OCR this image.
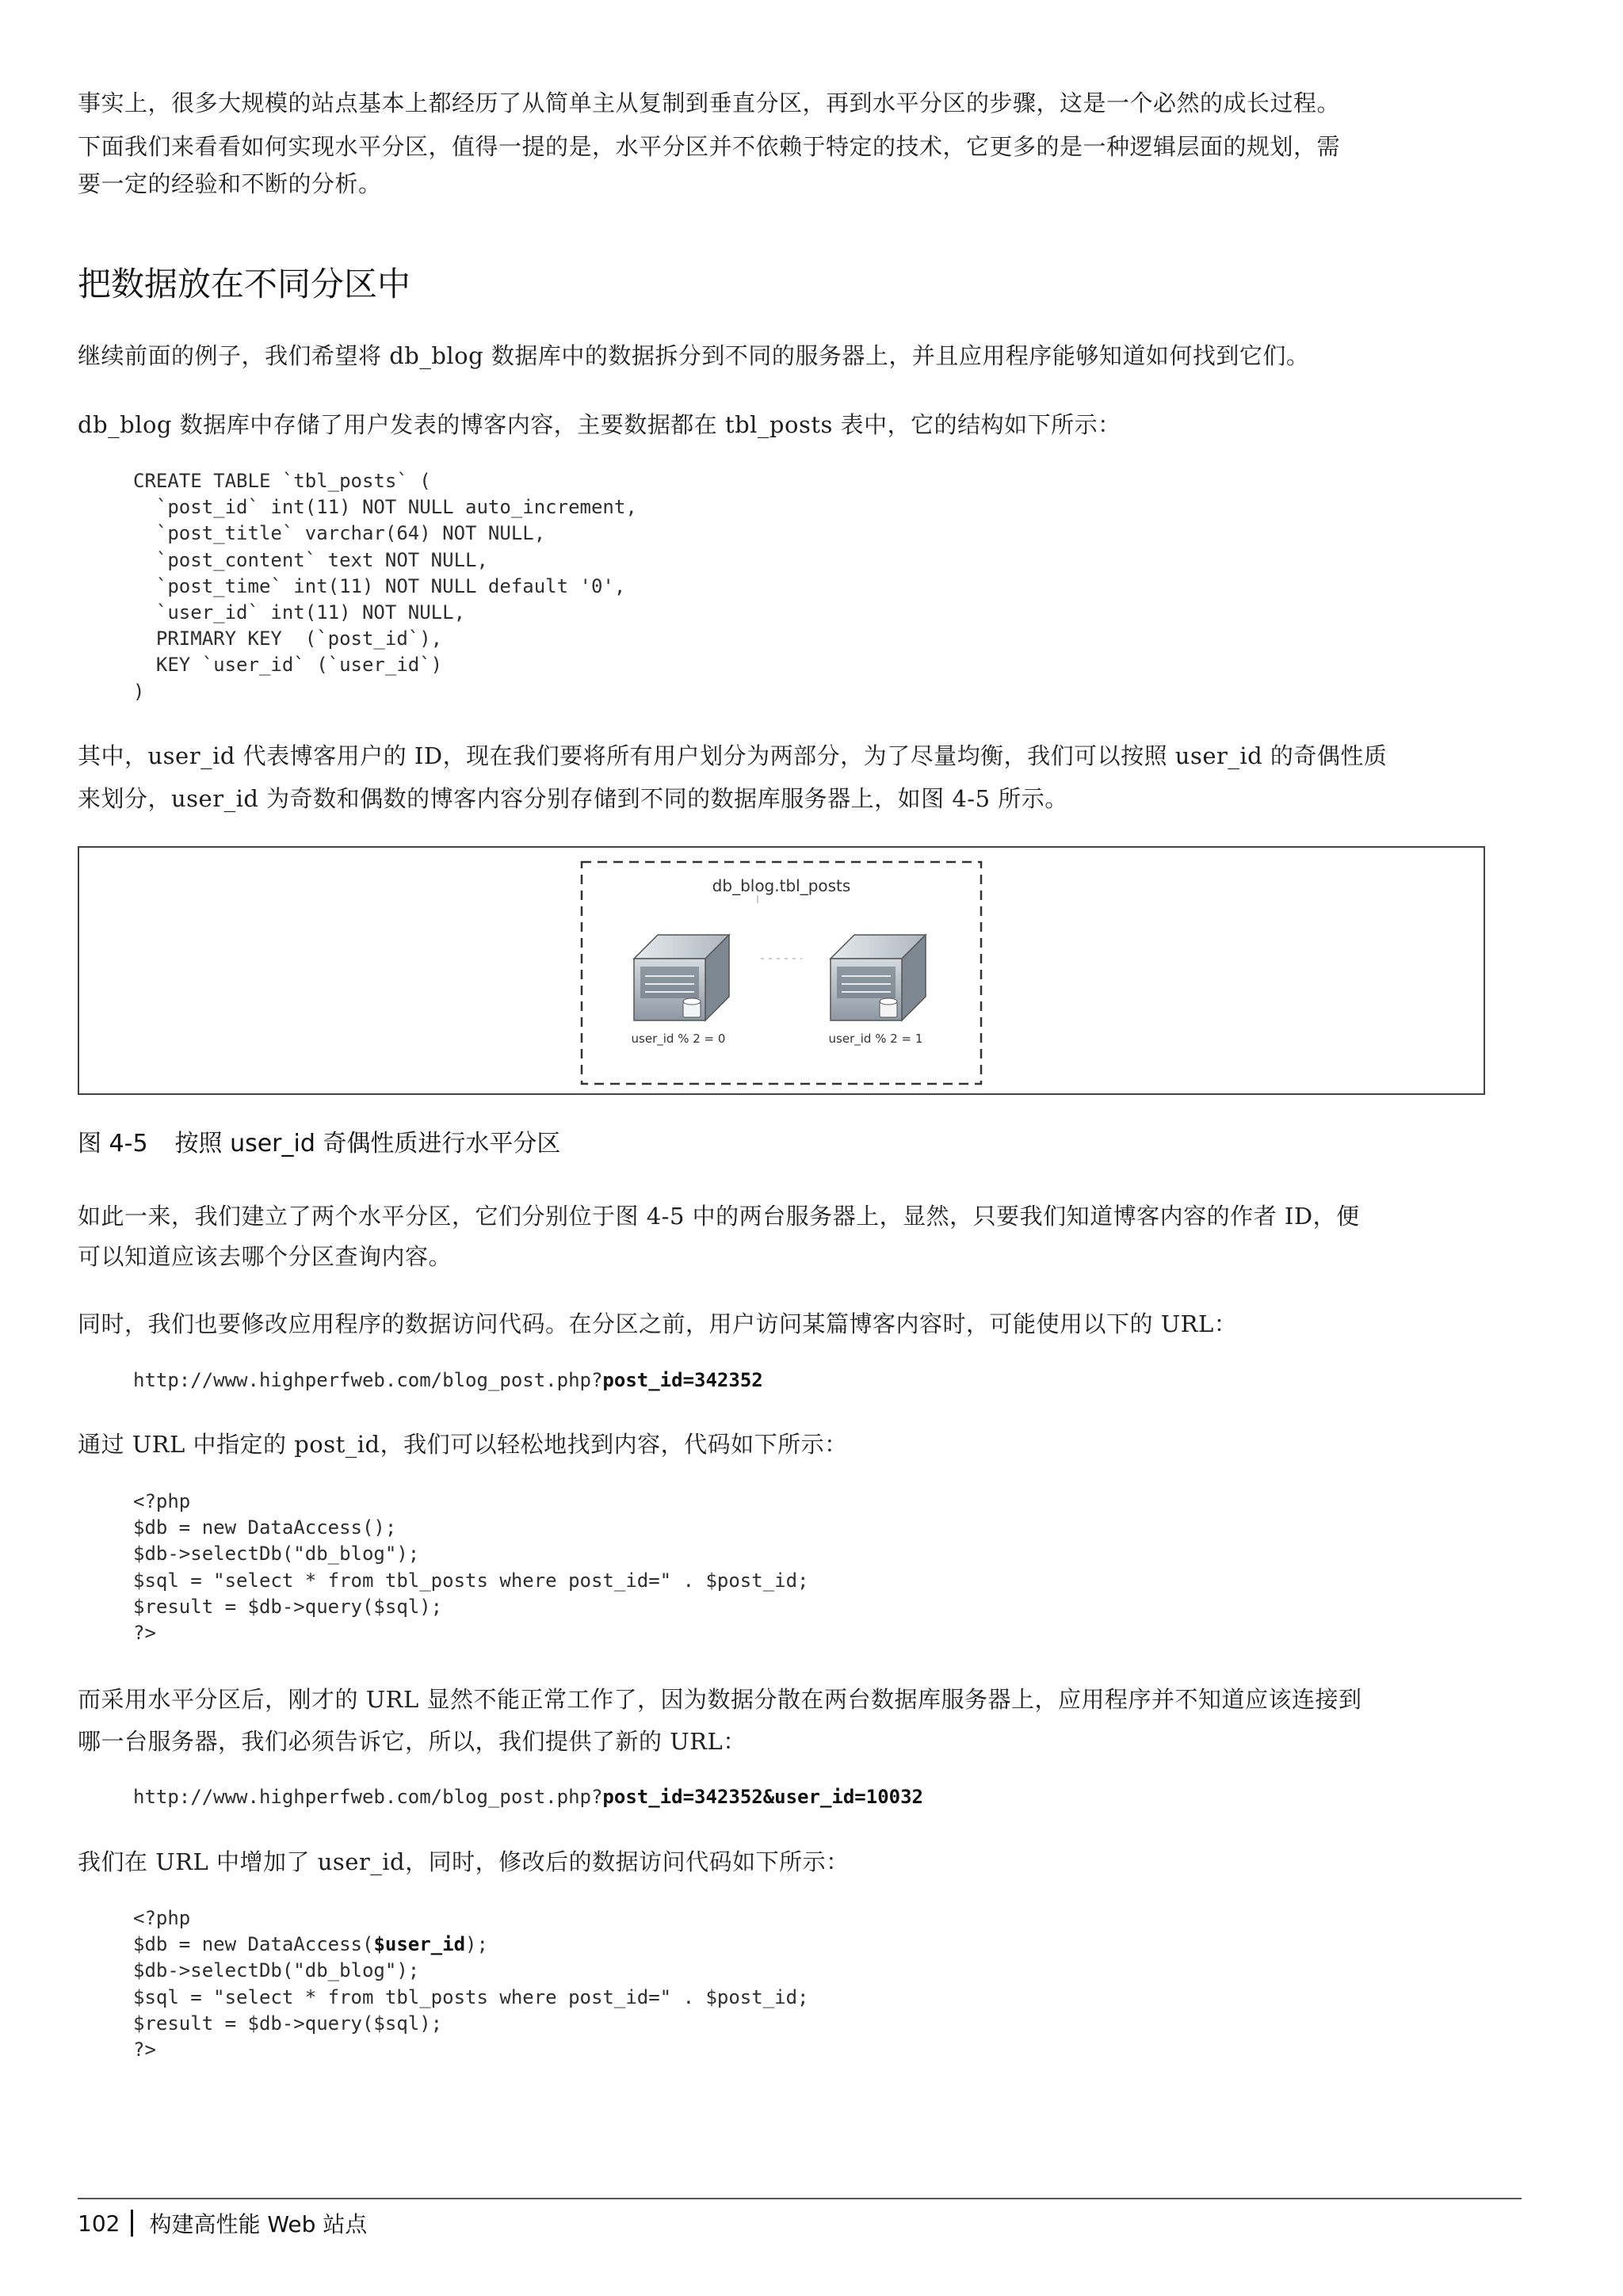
事实上，很多大规模的站点基本上都经历了从简单主从复制到垂直分区，再到水平分区的步骤，这是一个必然的成长过程。
下面我们来看看如何实现水平分区，值得一提的是，水平分区并不依赖于特定的技术，它更多的是一种逻辑层面的规划，需
要一定的经验和不断的分析。
把数据放在不同分区中
继续前面的例子，我们希望将 db_blog 数据库中的数据拆分到不同的服务器上，并且应用程序能够知道如何找到它们。
db_blog 数据库中存储了用户发表的博客内容，主要数据都在 tbl_posts 表中，它的结构如下所示：
CREATE TABLE `tbl_posts` (
`post_id` int(11) NOT NULL auto_increment,
`post_title` varchar(64) NOT NULL,
`post_content` text NOT NULL,
`post_time` int(11) NOT NULL default '0',
`user_id` int(11) NOT NULL,
PRIMARY KEY  (`post_id`),
KEY `user_id` (`user_id`)
)
其中，user_id 代表博客用户的 ID，现在我们要将所有用户划分为两部分，为了尽量均衡，我们可以按照 user_id 的奇偶性质
来划分，user_id 为奇数和偶数的博客内容分别存储到不同的数据库服务器上，如图 4-5 所示。
db_blog.tbl_posts
user_id % 2 = 0	user_id % 2 = 1
图 4-5 按照 user_id 奇偶性质进行水平分区
如此一来，我们建立了两个水平分区，它们分别位于图 4-5 中的两台服务器上，显然，只要我们知道博客内容的作者 ID，便
可以知道应该去哪个分区查询内容。
同时，我们也要修改应用程序的数据访问代码。在分区之前，用户访问某篇博客内容时，可能使用以下的 URL：
http://www.highperfweb.com/blog_post.php?post_id=342352
通过 URL 中指定的 post_id，我们可以轻松地找到内容，代码如下所示：
<?php
$db = new DataAccess();
$db->selectDb("db_blog");
$sql = "select * from tbl_posts where post_id=" . $post_id;
$result = $db->query($sql);
?>
而采用水平分区后，刚才的 URL 显然不能正常工作了，因为数据分散在两台数据库服务器上，应用程序并不知道应该连接到
哪一台服务器，我们必须告诉它，所以，我们提供了新的 URL：
http://www.highperfweb.com/blog_post.php?post_id=342352&user_id=10032
我们在 URL 中增加了 user_id，同时，修改后的数据访问代码如下所示：
<?php
$db = new DataAccess($user_id);
$db->selectDb("db_blog");
$sql = "select * from tbl_posts where post_id=" . $post_id;
$result = $db->query($sql);
?>
102 构建高性能 Web 站点
